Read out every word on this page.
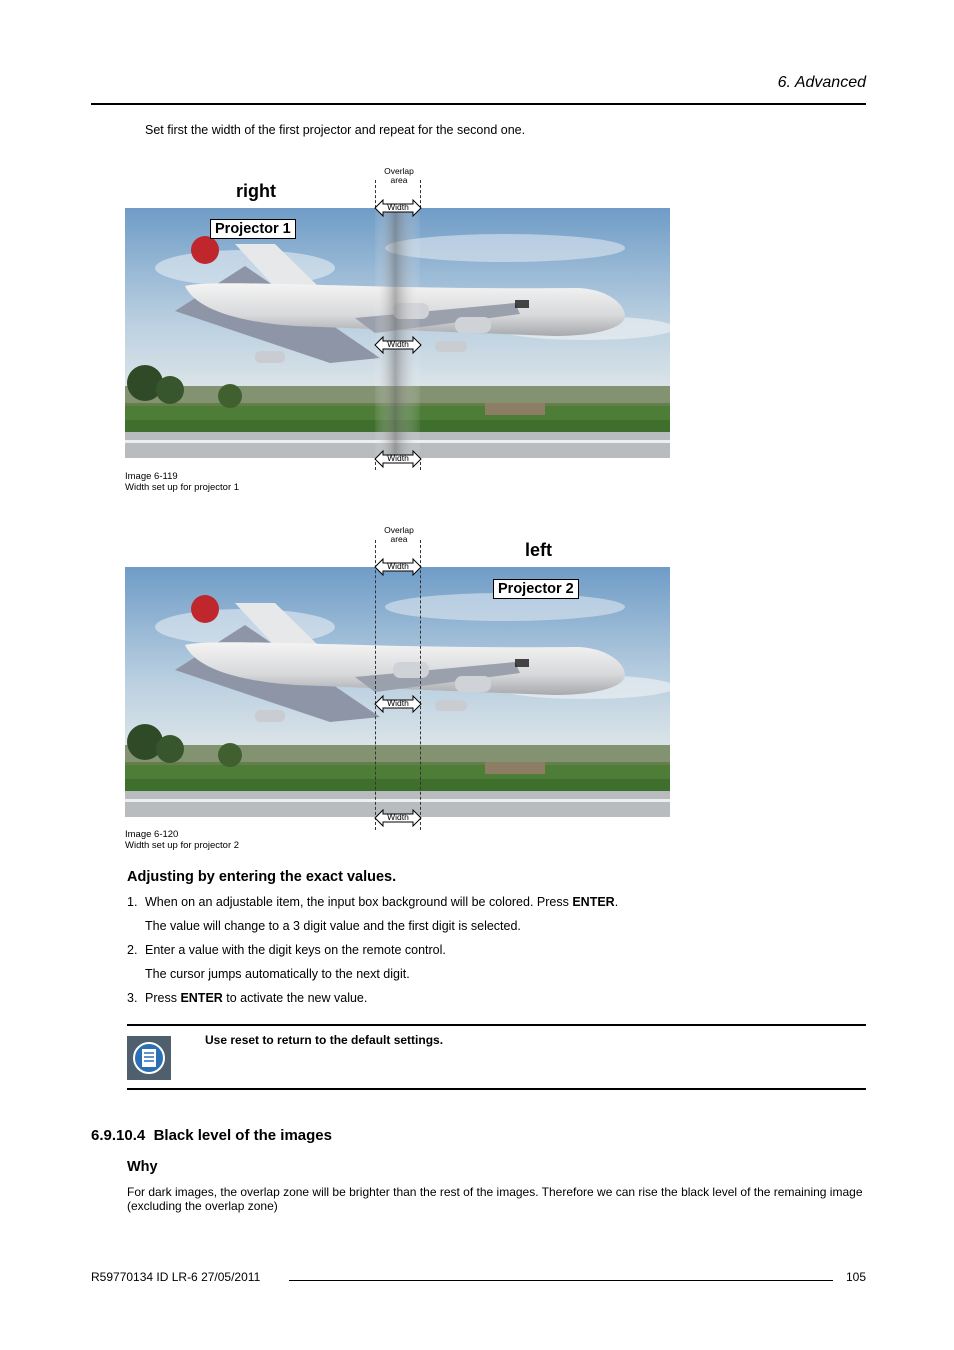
6. Advanced
Set first the width of the first projector and repeat for the second one.
right
Overlap
area
Projector 1
Width
Width
Width
Image 6-119
Width set up for projector 1
Overlap
area
left
Projector 2
Width
Width
Width
Image 6-120
Width set up for projector 2
Adjusting by entering the exact values.
1. When on an adjustable item, the input box background will be colored. Press ENTER.
The value will change to a 3 digit value and the first digit is selected.
2. Enter a value with the digit keys on the remote control.
The cursor jumps automatically to the next digit.
3. Press ENTER to activate the new value.
Use reset to return to the default settings.
6.9.10.4 Black level of the images
Why
For dark images, the overlap zone will be brighter than the rest of the images. Therefore we can rise the black level of the remaining image (excluding the overlap zone)
R59770134 ID LR-6 27/05/2011	105
